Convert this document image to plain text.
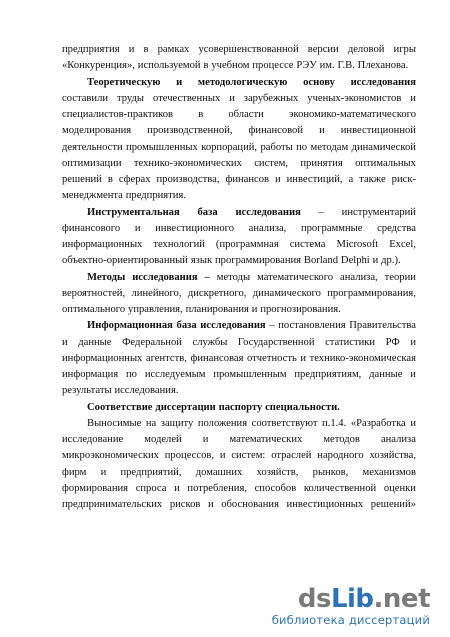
предприятия и в рамках усовершенствованной версии деловой игры
«Конкуренция», используемой в учебном процессе РЭУ им. Г.В. Плеханова.
Теоретическую и методологическую основу исследования
составили труды отечественных и зарубежных ученых-экономистов и
специалистов-практиков в области экономико-математического
моделирования производственной, финансовой и инвестиционной
деятельности промышленных корпораций, работы по методам динамической
оптимизации технико-экономических систем, принятия оптимальных
решений в сферах производства, финансов и инвестиций, а также риск-
менеджмента предприятия.
Инструментальная база исследования – инструментарий
финансового и инвестиционного анализа, программные средства
информационных технологий (программная система Microsoft Excel,
объектно-ориентированный язык программирования Borland Delphi и др.).
Методы исследования – методы математического анализа, теории
вероятностей, линейного, дискретного, динамического программирования,
оптимального управления, планирования и прогнозирования.
Информационная база исследования – постановления Правительства
и данные Федеральной службы Государственной статистики РФ и
информационных агентств, финансовая отчетность и технико-экономическая
информация по исследуемым промышленным предприятиям, данные и
результаты исследования.
Соответствие диссертации паспорту специальности.
Выносимые на защиту положения соответствуют п.1.4. «Разработка и
исследование моделей и математических методов анализа
микроэкономических процессов, и систем: отраслей народного хозяйства,
фирм и предприятий, домашних хозяйств, рынков, механизмов
формирования спроса и потребления, способов количественной оценки
предпринимательских рисков и обоснования инвестиционных решений»
dsLib.net
библиотека диссертаций
